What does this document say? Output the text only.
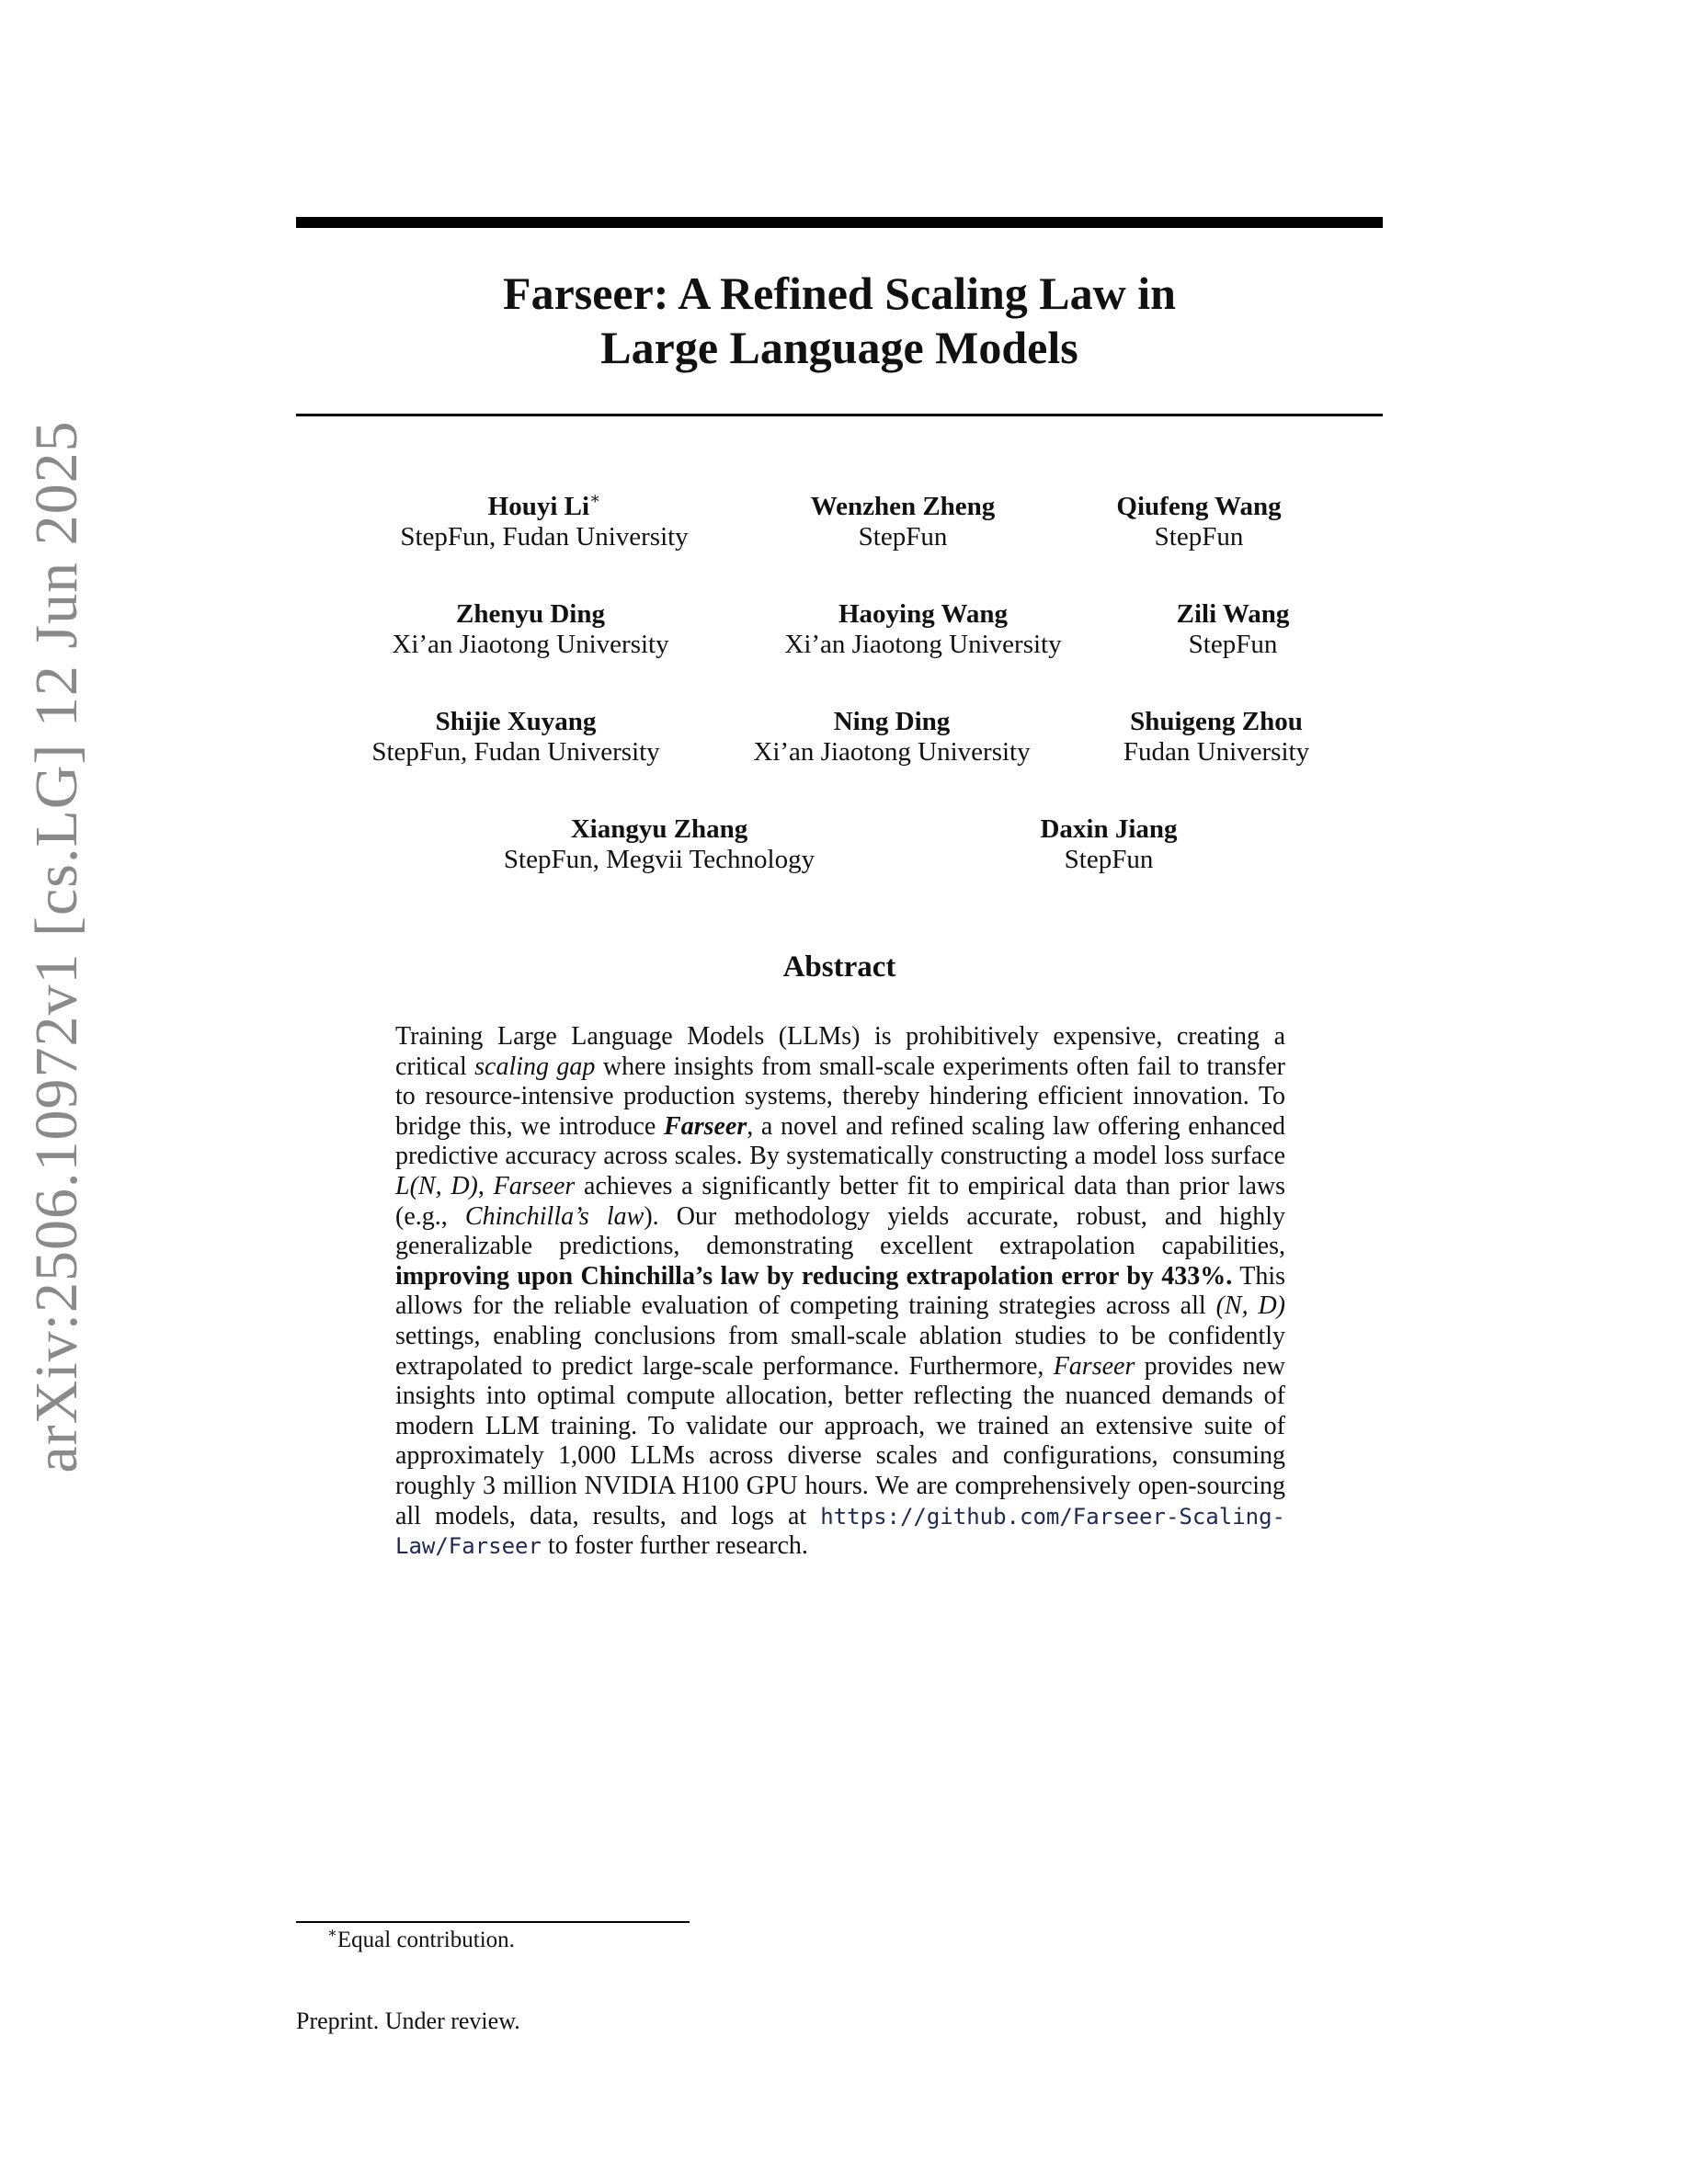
arXiv:2506.10972v1 [cs.LG] 12 Jun 2025
Farseer: A Refined Scaling Law in
Large Language Models
Houyi Li∗
StepFun, Fudan University
Wenzhen Zheng
StepFun
Qiufeng Wang
StepFun
Zhenyu Ding
Xi’an Jiaotong University
Haoying Wang
Xi’an Jiaotong University
Zili Wang
StepFun
Shijie Xuyang
StepFun, Fudan University
Ning Ding
Xi’an Jiaotong University
Shuigeng Zhou
Fudan University
Xiangyu Zhang
StepFun, Megvii Technology
Daxin Jiang
StepFun
Abstract
Training Large Language Models (LLMs) is prohibitively expensive, creating a critical scaling gap where insights from small-scale experiments often fail to transfer to resource-intensive production systems, thereby hindering efficient innovation. To bridge this, we introduce Farseer, a novel and refined scaling law offering enhanced predictive accuracy across scales. By systematically constructing a model loss surface L(N, D), Farseer achieves a significantly better fit to empirical data than prior laws (e.g., Chinchilla’s law). Our methodology yields accurate, robust, and highly generalizable predictions, demonstrating excellent extrapolation capabilities, improving upon Chinchilla’s law by reducing extrapolation error by 433%. This allows for the reliable evaluation of competing training strategies across all (N, D) settings, enabling conclusions from small-scale ablation studies to be confidently extrapolated to predict large-scale performance. Furthermore, Farseer provides new insights into optimal compute allocation, better reflecting the nuanced demands of modern LLM training. To validate our approach, we trained an extensive suite of approximately 1,000 LLMs across diverse scales and configurations, consuming roughly 3 million NVIDIA H100 GPU hours. We are comprehensively open-sourcing all models, data, results, and logs at https://github.com/Farseer-Scaling-Law/Farseer to foster further research.
∗Equal contribution.
Preprint. Under review.
